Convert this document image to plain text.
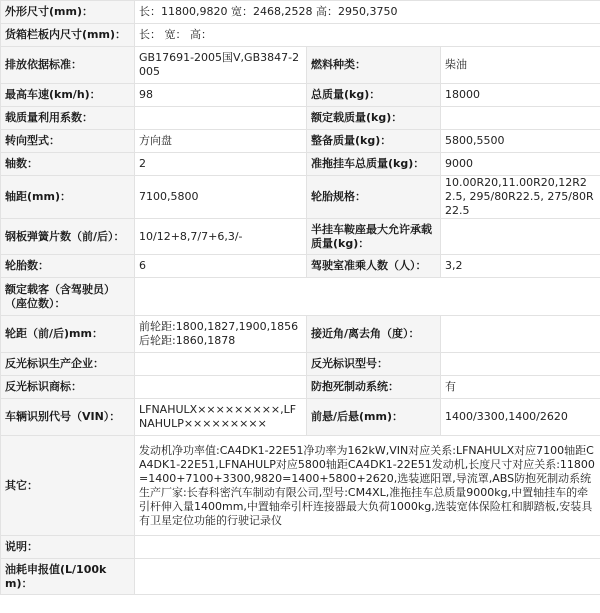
外形尺寸(mm)：	长：11800,9820 宽：2468,2528 高：2950,3750		
货箱栏板内尺寸(mm)：	长： 宽： 高：		
排放依据标准：	GB17691-2005国Ⅴ,GB3847-2005	燃料种类：	柴油
最高车速(km/h)：	98	总质量(kg)：	18000
载质量利用系数：		额定载质量(kg)：	
转向型式：	方向盘	整备质量(kg)：	5800,5500
轴数：	2	准拖挂车总质量(kg)：	9000
轴距(mm)：	7100,5800	轮胎规格：	10.00R20,11.00R20,12R22.5, 295/80R22.5, 275/80R22.5
钢板弹簧片数（前/后）：	10/12+8,7/7+6,3/-	半挂车鞍座最大允许承载质量(kg)：	
轮胎数：	6	驾驶室准乘人数（人）：	3,2
额定载客（含驾驶员）（座位数）：			
轮距（前/后)mm：	前轮距:1800,1827,1900,1856 后轮距:1860,1878	接近角/离去角（度）：	
反光标识生产企业：		反光标识型号：	
反光标识商标：		防抱死制动系统：	有
车辆识别代号（VIN）：	LFNAHULX×××××××××,LFNAHULP×××××××××	前悬/后悬(mm)：	1400/3300,1400/2620
其它：	发动机净功率值:CA4DK1-22E51净功率为162kW,VIN对应关系:LFNAHULX对应7100轴距CA4DK1-22E51,LFNAHULP对应5800轴距CA4DK1-22E51发动机,长度尺寸对应关系:11800=1400+7100+3300,9820=1400+5800+2620,选装遮阳罩,导流罩,ABS防抱死制动系统生产厂家:长春科密汽车制动有限公司,型号:CM4XL,准拖挂车总质量9000kg,中置轴挂车的牵引杆伸入量1400mm,中置轴牵引杆连接器最大负荷1000kg,选装宽体保险杠和脚踏板,安装具有卫星定位功能的行驶记录仪		
说明：			
油耗申报值(L/100km)：			
